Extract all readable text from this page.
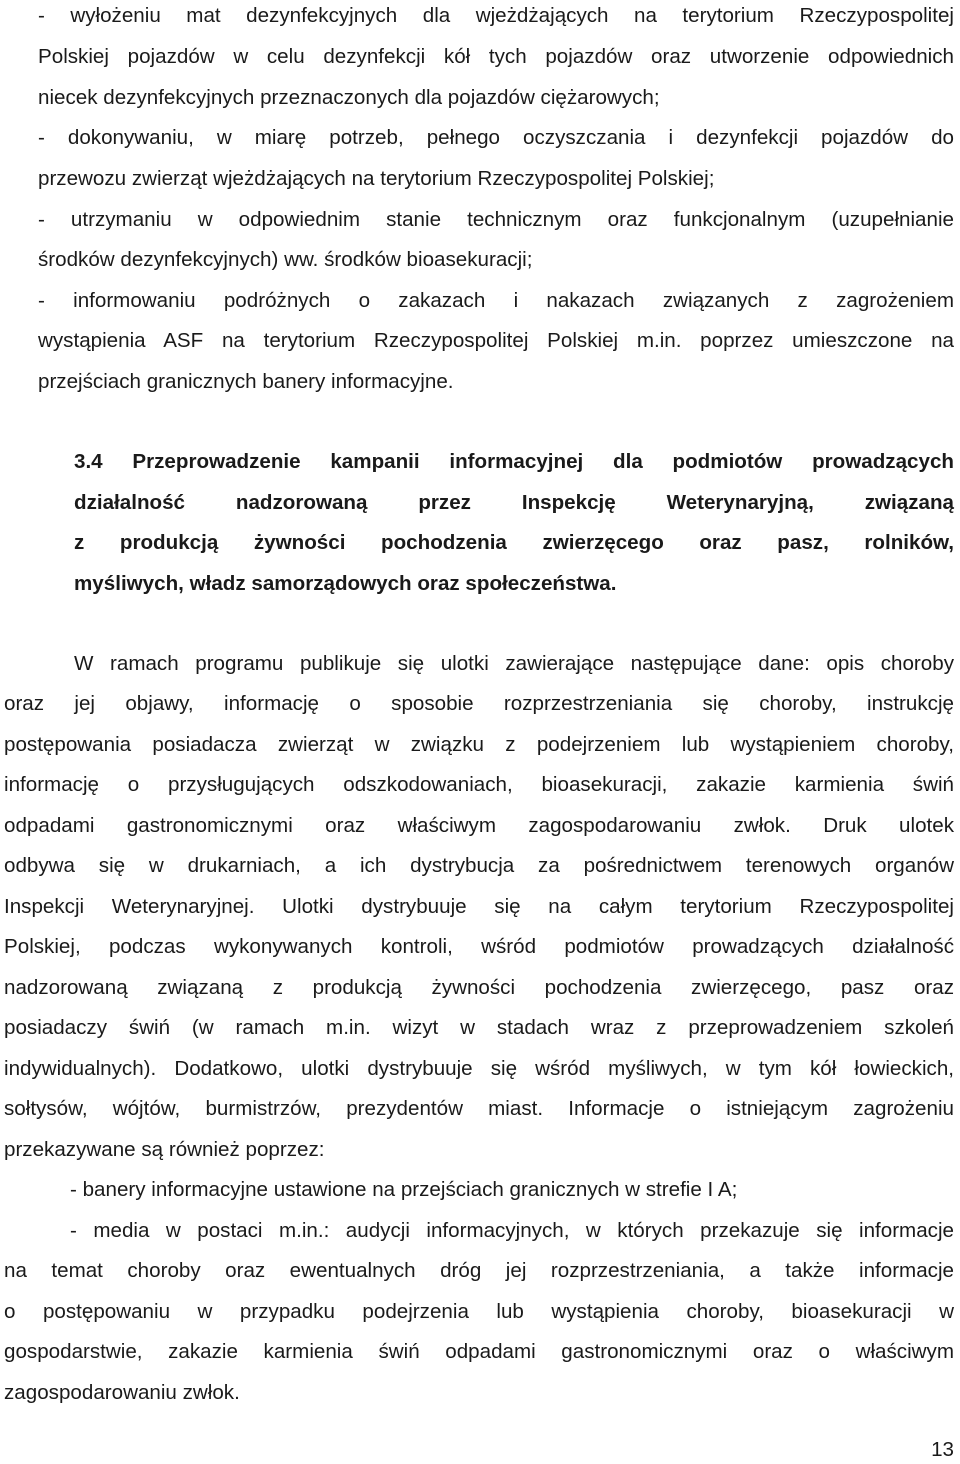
- wyłożeniu mat dezynfekcyjnych dla wjeżdżających na terytorium Rzeczypospolitej
Polskiej pojazdów w celu dezynfekcji kół tych pojazdów oraz utworzenie odpowiednich
niecek dezynfekcyjnych przeznaczonych dla pojazdów ciężarowych;
- dokonywaniu, w miarę potrzeb, pełnego oczyszczania i dezynfekcji pojazdów do
przewozu zwierząt wjeżdżających na terytorium Rzeczypospolitej Polskiej;
- utrzymaniu w odpowiednim stanie technicznym oraz funkcjonalnym (uzupełnianie
środków dezynfekcyjnych) ww. środków bioasekuracji;
- informowaniu podróżnych o zakazach i nakazach związanych z zagrożeniem
wystąpienia ASF na terytorium Rzeczypospolitej Polskiej m.in. poprzez umieszczone na
przejściach granicznych banery informacyjne.
3.4 Przeprowadzenie kampanii informacyjnej dla podmiotów prowadzących
działalność nadzorowaną przez Inspekcję Weterynaryjną, związaną
z produkcją żywności pochodzenia zwierzęcego oraz pasz, rolników,
myśliwych, władz samorządowych oraz społeczeństwa.
W ramach programu publikuje się ulotki zawierające następujące dane: opis choroby
oraz jej objawy, informację o sposobie rozprzestrzeniania się choroby, instrukcję
postępowania posiadacza zwierząt w związku z podejrzeniem lub wystąpieniem choroby,
informację o przysługujących odszkodowaniach, bioasekuracji, zakazie karmienia świń
odpadami gastronomicznymi oraz właściwym zagospodarowaniu zwłok. Druk ulotek
odbywa się w drukarniach, a ich dystrybucja za pośrednictwem terenowych organów
Inspekcji Weterynaryjnej. Ulotki dystrybuuje się na całym terytorium Rzeczypospolitej
Polskiej, podczas wykonywanych kontroli, wśród podmiotów prowadzących działalność
nadzorowaną związaną z produkcją żywności pochodzenia zwierzęcego, pasz oraz
posiadaczy świń (w ramach m.in. wizyt w stadach wraz z przeprowadzeniem szkoleń
indywidualnych). Dodatkowo, ulotki dystrybuuje się wśród myśliwych, w tym kół łowieckich,
sołtysów, wójtów, burmistrzów, prezydentów miast. Informacje o istniejącym zagrożeniu
przekazywane są również poprzez:
- banery informacyjne ustawione na przejściach granicznych w strefie I A;
- media w postaci m.in.: audycji informacyjnych, w których przekazuje się informacje
na temat choroby oraz ewentualnych dróg jej rozprzestrzeniania, a także informacje
o postępowaniu w przypadku podejrzenia lub wystąpienia choroby, bioasekuracji w
gospodarstwie, zakazie karmienia świń odpadami gastronomicznymi oraz o właściwym
zagospodarowaniu zwłok.
13
